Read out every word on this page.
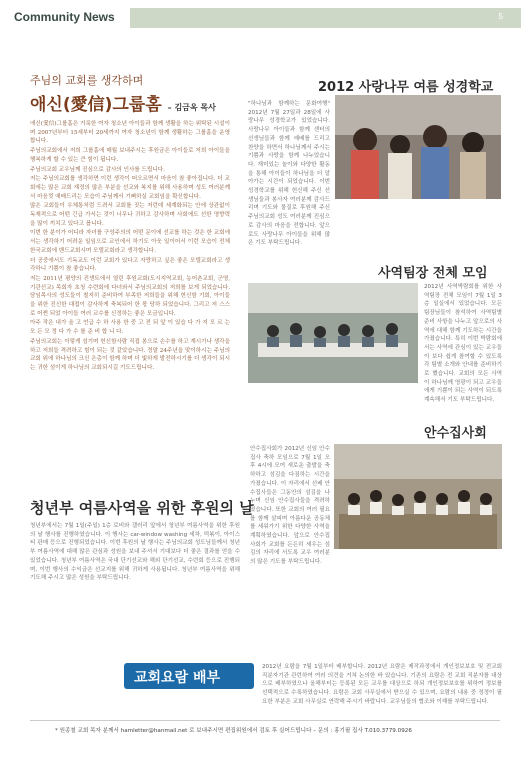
Community News	5
주님의 교회를 생각하며
애신(愛信)그룹홈 – 김금옥 목사

애신(愛信)그룹홈은 거룩한 여자 청소년 아이들과 함께 생활을 하는 위탁된 시설이며 2007년부터 15세부터 20세까지 여자 청소년이 함께 생활하는 그룹홈을 운영합니다.

주님의교회에서 저희 그룹홈에 매월 보내주시는 후원금은 아이들로 저희 아이들을 행복하게 할 수 있는 큰 힘이 됩니다.

주님의교회 교우님께 진심으로 감사의 인사를 드립니다.

저는 주님의교회를 생각하면 이런 생각이 떠오르면서 마음이 참 좋아집니다. 더 교회에는 많은 교회 재정의 많은 부분을 선교와 복지를 위해 사용하며 성도 여러분께서 마음껏 예배드리는 모습이 주님께서 기뻐하실 교회임을 확신합니다.

많은 교회들이 우체통처럼 드려서 교회를 짓는 저런데 세계화되는 안에 상관없이 독재적으로 어떤 긴급 가서는 것이 너무나 귀하고 감사하며 사회에도 선한 영향력을 많이 끼치고 있다고 봅니다.

이번 한 분이가 어디라 자녀를 구성주의의 어떤 문이에 선교를 하는 것은 한 교회에서는 생각하기 어려운 일임으로 교인에서 하기도 아웃 일이어서 이런 모습이 전체 한국교회에 밴드교회시며 모델교회라고 생각합니다.

더 공중에서도 기독교도 이런 교회가 있다고 자랑하고 싶은 좋은 모델교회라고 생각하니 기쁨이 참 좋습니다.

저는 2011년 평양의 진센트에서 열린 후원교회(도시지역교회, 농어촌교회, 군영, 기관선교) 목회자 초청 수련회에 다녀와서 주님의교회의 저희를 보게 되었습니다. 담임목사의 성도들이 철저히 준비하여 부족한 저희들을 위해 헌신함 기회, 아이들을 위한 진신한 대접이 감사하게 축복되어 한 몫 당하 되었습니다. 그리고 저 스스로 어쩐 되었 아이들 여러 교수를 신정하는 좋은 모금입니다.

아주 작은 내가 올 고 언급 수 하 사용 한 중 고 전 되 앞 이 있습 다 가 지 모 르 는 모 든 모 정 다 가 수 를 준 비 합 니 다.

주님의교회는 이렇게 섬기며 헌신함사람 직접 봉으로 손수를 하고 계시기나 생각을 하고 저희들 격려하고 힘이 되는 것 같았습니다. 정말 24주년을 맞이하시는 주님의교회 위에 하나님의 크신 은총이 함께 하며 더 빛하게 발전하시기를 더 생각이 되시는 귀한 섬이게 하나님의 교회되시길 기도드립니다.

2012 사랑나무 여름 성경학교
"하나님과 함께하는 문화여행" 2012년 7월 27일과 28일에 사랑나무 성경학교가 있었습니다. 사랑나무 아이들과 함께 센터의 선생님들과 함께 예배를 드리고 찬양을 하면서 하나님께서 주시는 기쁨과 사랑을 함께 나누었습니다. 재미있는 놀이와 다양한 활동을 통해 아이들이 하나님을 더 알아가는 시간이 되었습니다. 이번 성경학교를 위해 헌신해 주신 선생님들과 봉사자 여러분께 감사드리며 기도와 물질로 후원해 주신 주님의교회 성도 여러분께 진심으로 감사의 마음을 전합니다. 앞으로도 사랑나무 아이들을 위해 많은 기도 부탁드립니다.
사역팀장 전체 모임
2012년 사역박람회를 위한 사역팀장 전체 모임이 7월 1일 3층 일실에서 있었습니다. 모든 팀장님들이 참석하여 사역팀별 준비 사항을 나누고 앞으로의 사역에 대해 함께 기도하는 시간을 가졌습니다. 특히 이번 박람회에서는 사역에 관심이 있는 교우들이 보다 쉽게 참여할 수 있도록 각 팀별 소개와 안내를 준비하기로 했습니다. 교회의 모든 사역이 하나님께 영광이 되고 교우들에게 기쁨이 되는 사역이 되도록 계속해서 기도 부탁드립니다.
안수집사회
안수집사회가 2012년 신임 안수집사 축하 모임으로 7월 1일 오후 4시에 모여 새로운 출발을 축하하고 섬김을 다짐하는 시간을 가졌습니다. 이 자리에서 선배 안수집사들은 그동안의 섬김을 나누며 신임 안수집사들을 격려하였습니다. 또한 교회의 여러 필요를 함께 살피며 아름다운 공동체를 세워가기 위한 다양한 사역을 계획하였습니다. 앞으로 안수집사회가 교회를 든든히 세우는 섬김의 자리에 서도록 교우 여러분의 많은 기도를 부탁드립니다.
청년부 여름사역을 위한 후원의 날
청년부에서는 7월 1일(주일) 1층 로비와 갤러리 앞에서 청년부 여름사역을 위한 후원의 날 행사를 진행하였습니다. 이 행사는 car-window washing 세차, 떡볶이, 아이스티 판매 등으로 진행되었습니다. 이번 후원의 날 행사는 주님의교회 성도님들께서 청년부 여름사역에 대해 많은 관심과 성원을 보내 주셔서 기대보다 더 좋은 결과를 얻을 수 있었습니다. 청년부 여름사역은 국내 단기선교와 해외 단기선교, 수련회 등으로 진행되며, 이번 행사의 수익금은 선교지를 위해 귀하게 사용됩니다. 청년부 여름사역을 위해 기도해 주시고 많은 성원을 부탁드립니다.
교회요람 배부
2012년 요람을 7월 1일부터 배부합니다. 2012년 요람은 제작과정에서 개인정보보호 및 전교회 직분자기관 관련하여 여러 의견을 거쳐 논의한 바 있습니다. 기존의 요람은 전 교회 직분자를 대상으로 배부하였으나 올해부터는 등록된 모든 교우를 대상으로 하되 개인정보보호를 위하여 정보를 선택적으로 수록하였습니다. 요람은 교회 사무실에서 받으실 수 있으며, 요람의 내용 중 정정이 필요한 부분은 교회 사무실로 연락해 주시기 바랍니다. 교우님들의 협조와 이해를 부탁드립니다.
* 원종철 교회 목자 분께서 hamletter@hanmail.net 로 보내주시면 편집위원에서 검토 후 실어드립니다 – 문의 : 홍기필 집사 T.010.3779.0926
